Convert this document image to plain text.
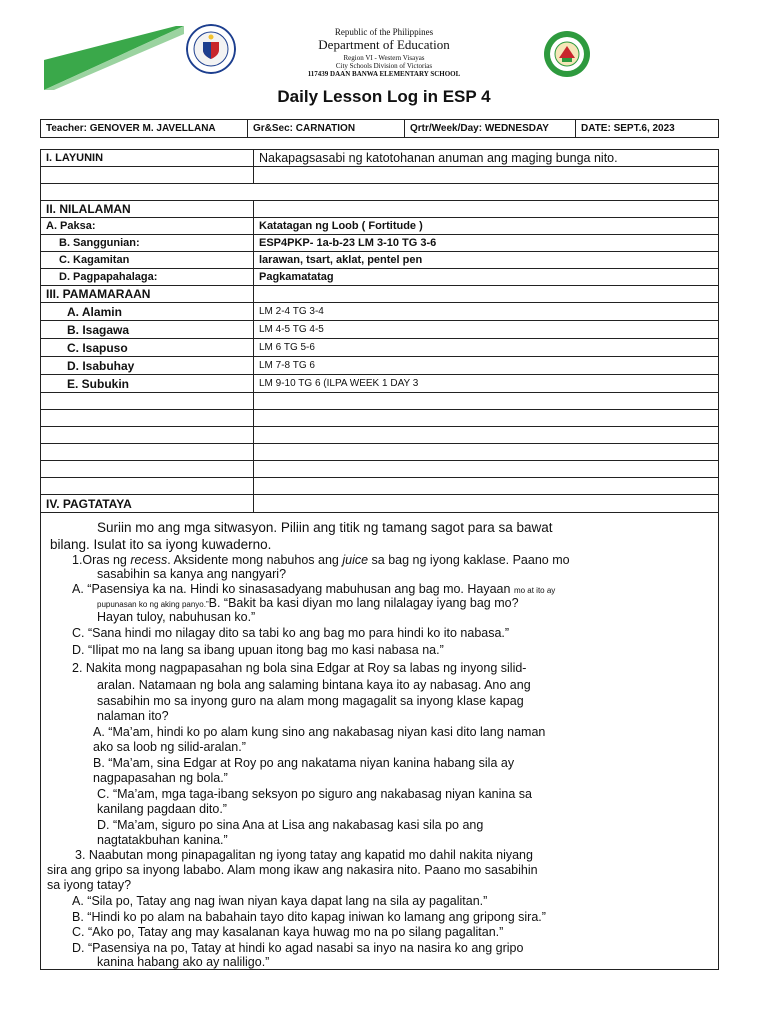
Republic of the Philippines
Department of Education
Region VI - Western Visayas
City Schools Division of Victorias
117439 DAAN BANWA ELEMENTARY SCHOOL
Daily Lesson Log in ESP 4
Teacher: GENOVER M. JAVELLANA	Gr&Sec: CARNATION	Qrtr/Week/Day: WEDNESDAY	DATE: SEPT.6, 2023
I. LAYUNIN	Nakapagsasabi ng katotohanan anuman ang maging bunga nito.

II. NILALAMAN	
A. Paksa:	Katatagan ng Loob ( Fortitude )
B. Sanggunian:	ESP4PKP- 1a-b-23 LM 3-10 TG 3-6
C. Kagamitan	larawan, tsart, aklat, pentel pen
D. Pagpapahalaga:	Pagkamatatag
III. PAMAMARAAN	
A. Alamin	LM 2-4 TG 3-4
B. Isagawa	LM 4-5 TG 4-5
C. Isapuso	LM 6 TG 5-6
D. Isabuhay	LM 7-8 TG 6
E. Subukin	LM 9-10 TG 6 (ILPA WEEK 1 DAY 3

IV. PAGTATAYA	
Suriin mo ang mga sitwasyon. Piliin ang titik ng tamang sagot para sa bawat
bilang. Isulat ito sa iyong kuwaderno.
1.Oras ng recess. Aksidente mong nabuhos ang juice sa bag ng iyong kaklase. Paano mo
sasabihin sa kanya ang nangyari?
A. “Pasensiya ka na. Hindi ko sinasasadyang mabuhusan ang bag mo. Hayaan mo at ito ay
pupunasan ko ng aking panyo.”B. “Bakit ba kasi diyan mo lang nilalagay iyang bag mo?
Hayan tuloy, nabuhusan ko.”
C. “Sana hindi mo nilagay dito sa tabi ko ang bag mo para hindi ko ito nabasa.”
D. “Ilipat mo na lang sa ibang upuan itong bag mo kasi nabasa na.”
2. Nakita mong nagpapasahan ng bola sina Edgar at Roy sa labas ng inyong silid-
aralan. Natamaan ng bola ang salaming bintana kaya ito ay nabasag. Ano ang
sasabihin mo sa inyong guro na alam mong magagalit sa inyong klase kapag
nalaman ito?
A. “Ma’am, hindi ko po alam kung sino ang nakabasag niyan kasi dito lang naman
ako sa loob ng silid-aralan.”
B. “Ma’am, sina Edgar at Roy po ang nakatama niyan kanina habang sila ay
nagpapasahan ng bola.”
C. “Ma’am, mga taga-ibang seksyon po siguro ang nakabasag niyan kanina sa
kanilang pagdaan dito.”
D. “Ma’am, siguro po sina Ana at Lisa ang nakabasag kasi sila po ang
nagtatakbuhan kanina.”
3. Naabutan mong pinapagalitan ng iyong tatay ang kapatid mo dahil nakita niyang
sira ang gripo sa inyong lababo. Alam mong ikaw ang nakasira nito. Paano mo sasabihin
sa iyong tatay?
A. “Sila po, Tatay ang nag iwan niyan kaya dapat lang na sila ay pagalitan.”
B. “Hindi ko po alam na babahain tayo dito kapag iniwan ko lamang ang gripong sira.”
C. “Ako po, Tatay ang may kasalanan kaya huwag mo na po silang pagalitan.”
D. “Pasensiya na po, Tatay at hindi ko agad nasabi sa inyo na nasira ko ang gripo
kanina habang ako ay naliligo.”
